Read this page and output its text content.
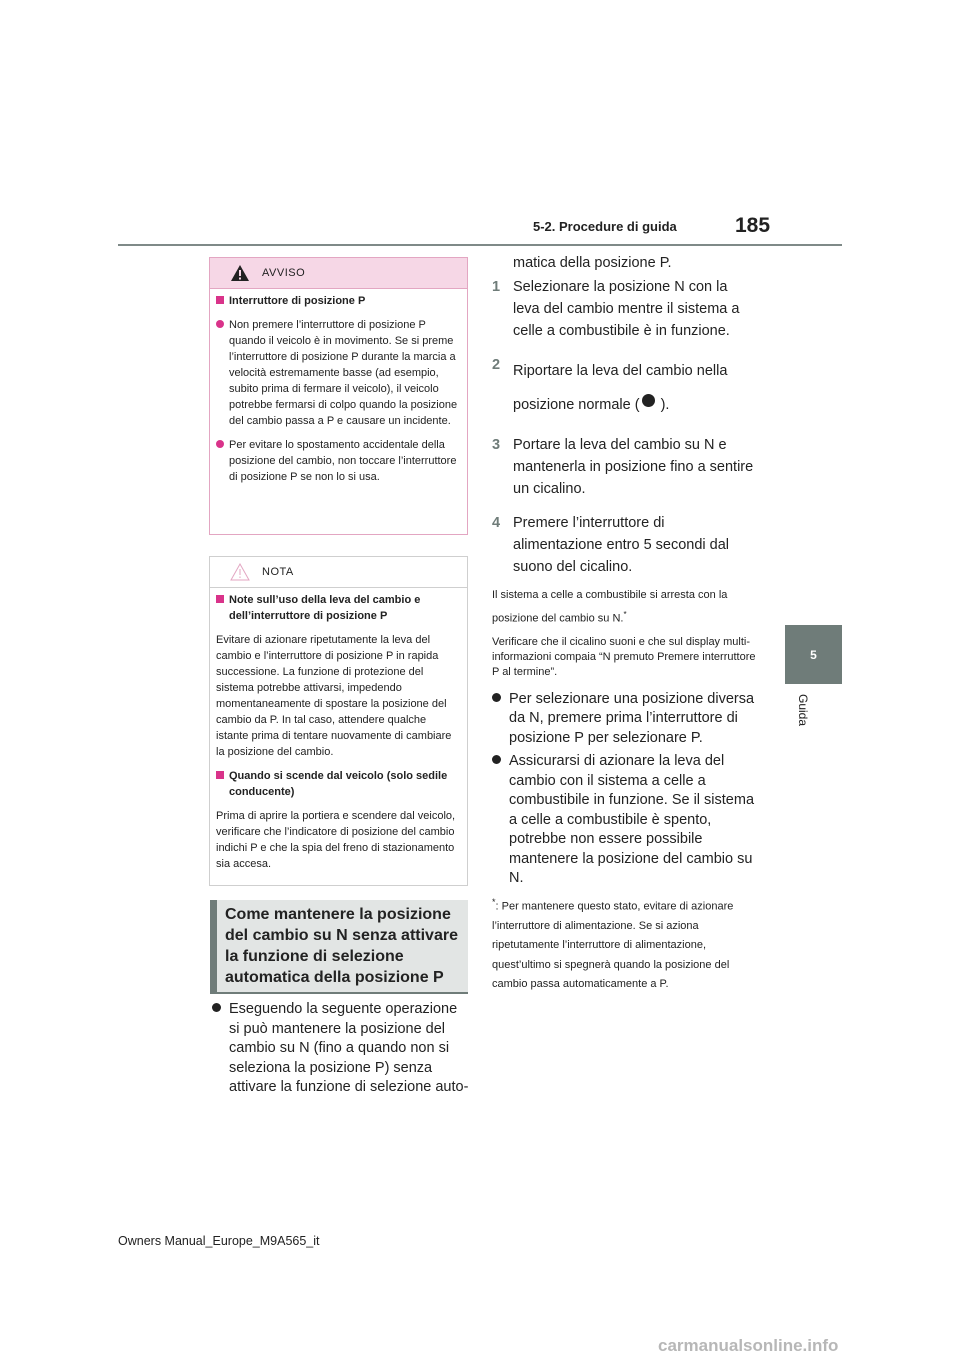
5-2. Procedure di guida	185
5
Guida
AVVISO

Interruttore di posizione P

Non premere l’interruttore di posizione P quando il veicolo è in movimento. Se si preme l’interruttore di posizione P durante la marcia a velocità estremamente basse (ad esempio, subito prima di fermare il veicolo), il veicolo potrebbe fermarsi di colpo quando la posizione del cambio passa a P e causare un incidente.

Per evitare lo spostamento accidentale della posizione del cambio, non toccare l’interruttore di posizione P se non lo si usa.

NOTA

Note sull’uso della leva del cambio e dell’interruttore di posizione P

Evitare di azionare ripetutamente la leva del cambio e l’interruttore di posizione P in rapida successione. La funzione di protezione del sistema potrebbe attivarsi, impedendo momentaneamente di spostare la posizione del cambio da P. In tal caso, attendere qualche istante prima di tentare nuovamente di cambiare la posizione del cambio.

Quando si scende dal veicolo (solo sedile conducente)

Prima di aprire la portiera e scendere dal veicolo, verificare che l’indicatore di posizione del cambio indichi P e che la spia del freno di stazionamento sia accesa.

Come mantenere la posizione del cambio su N senza attivare la funzione di selezione automatica della posizione P

Eseguendo la seguente operazione si può mantenere la posizione del cambio su N (fino a quando non si seleziona la posizione P) senza attivare la funzione di selezione auto-

matica della posizione P.

1 Selezionare la posizione N con la leva del cambio mentre il sistema a celle a combustibile è in funzione.

2 Riportare la leva del cambio nella posizione normale ( ).

3 Portare la leva del cambio su N e mantenerla in posizione fino a sentire un cicalino.

4 Premere l’interruttore di alimentazione entro 5 secondi dal suono del cicalino.

Il sistema a celle a combustibile si arresta con la posizione del cambio su N.*

Verificare che il cicalino suoni e che sul display multi-informazioni compaia “N premuto Premere interruttore P al termine”.

Per selezionare una posizione diversa da N, premere prima l’interruttore di posizione P per selezionare P.

Assicurarsi di azionare la leva del cambio con il sistema a celle a combustibile in funzione. Se il sistema a celle a combustibile è spento, potrebbe non essere possibile mantenere la posizione del cambio su N.

*: Per mantenere questo stato, evitare di azionare l’interruttore di alimentazione. Se si aziona ripetutamente l’interruttore di alimentazione, quest’ultimo si spegnerà quando la posizione del cambio passa automaticamente a P.

Owners Manual_Europe_M9A565_it
carmanualsonline.info
